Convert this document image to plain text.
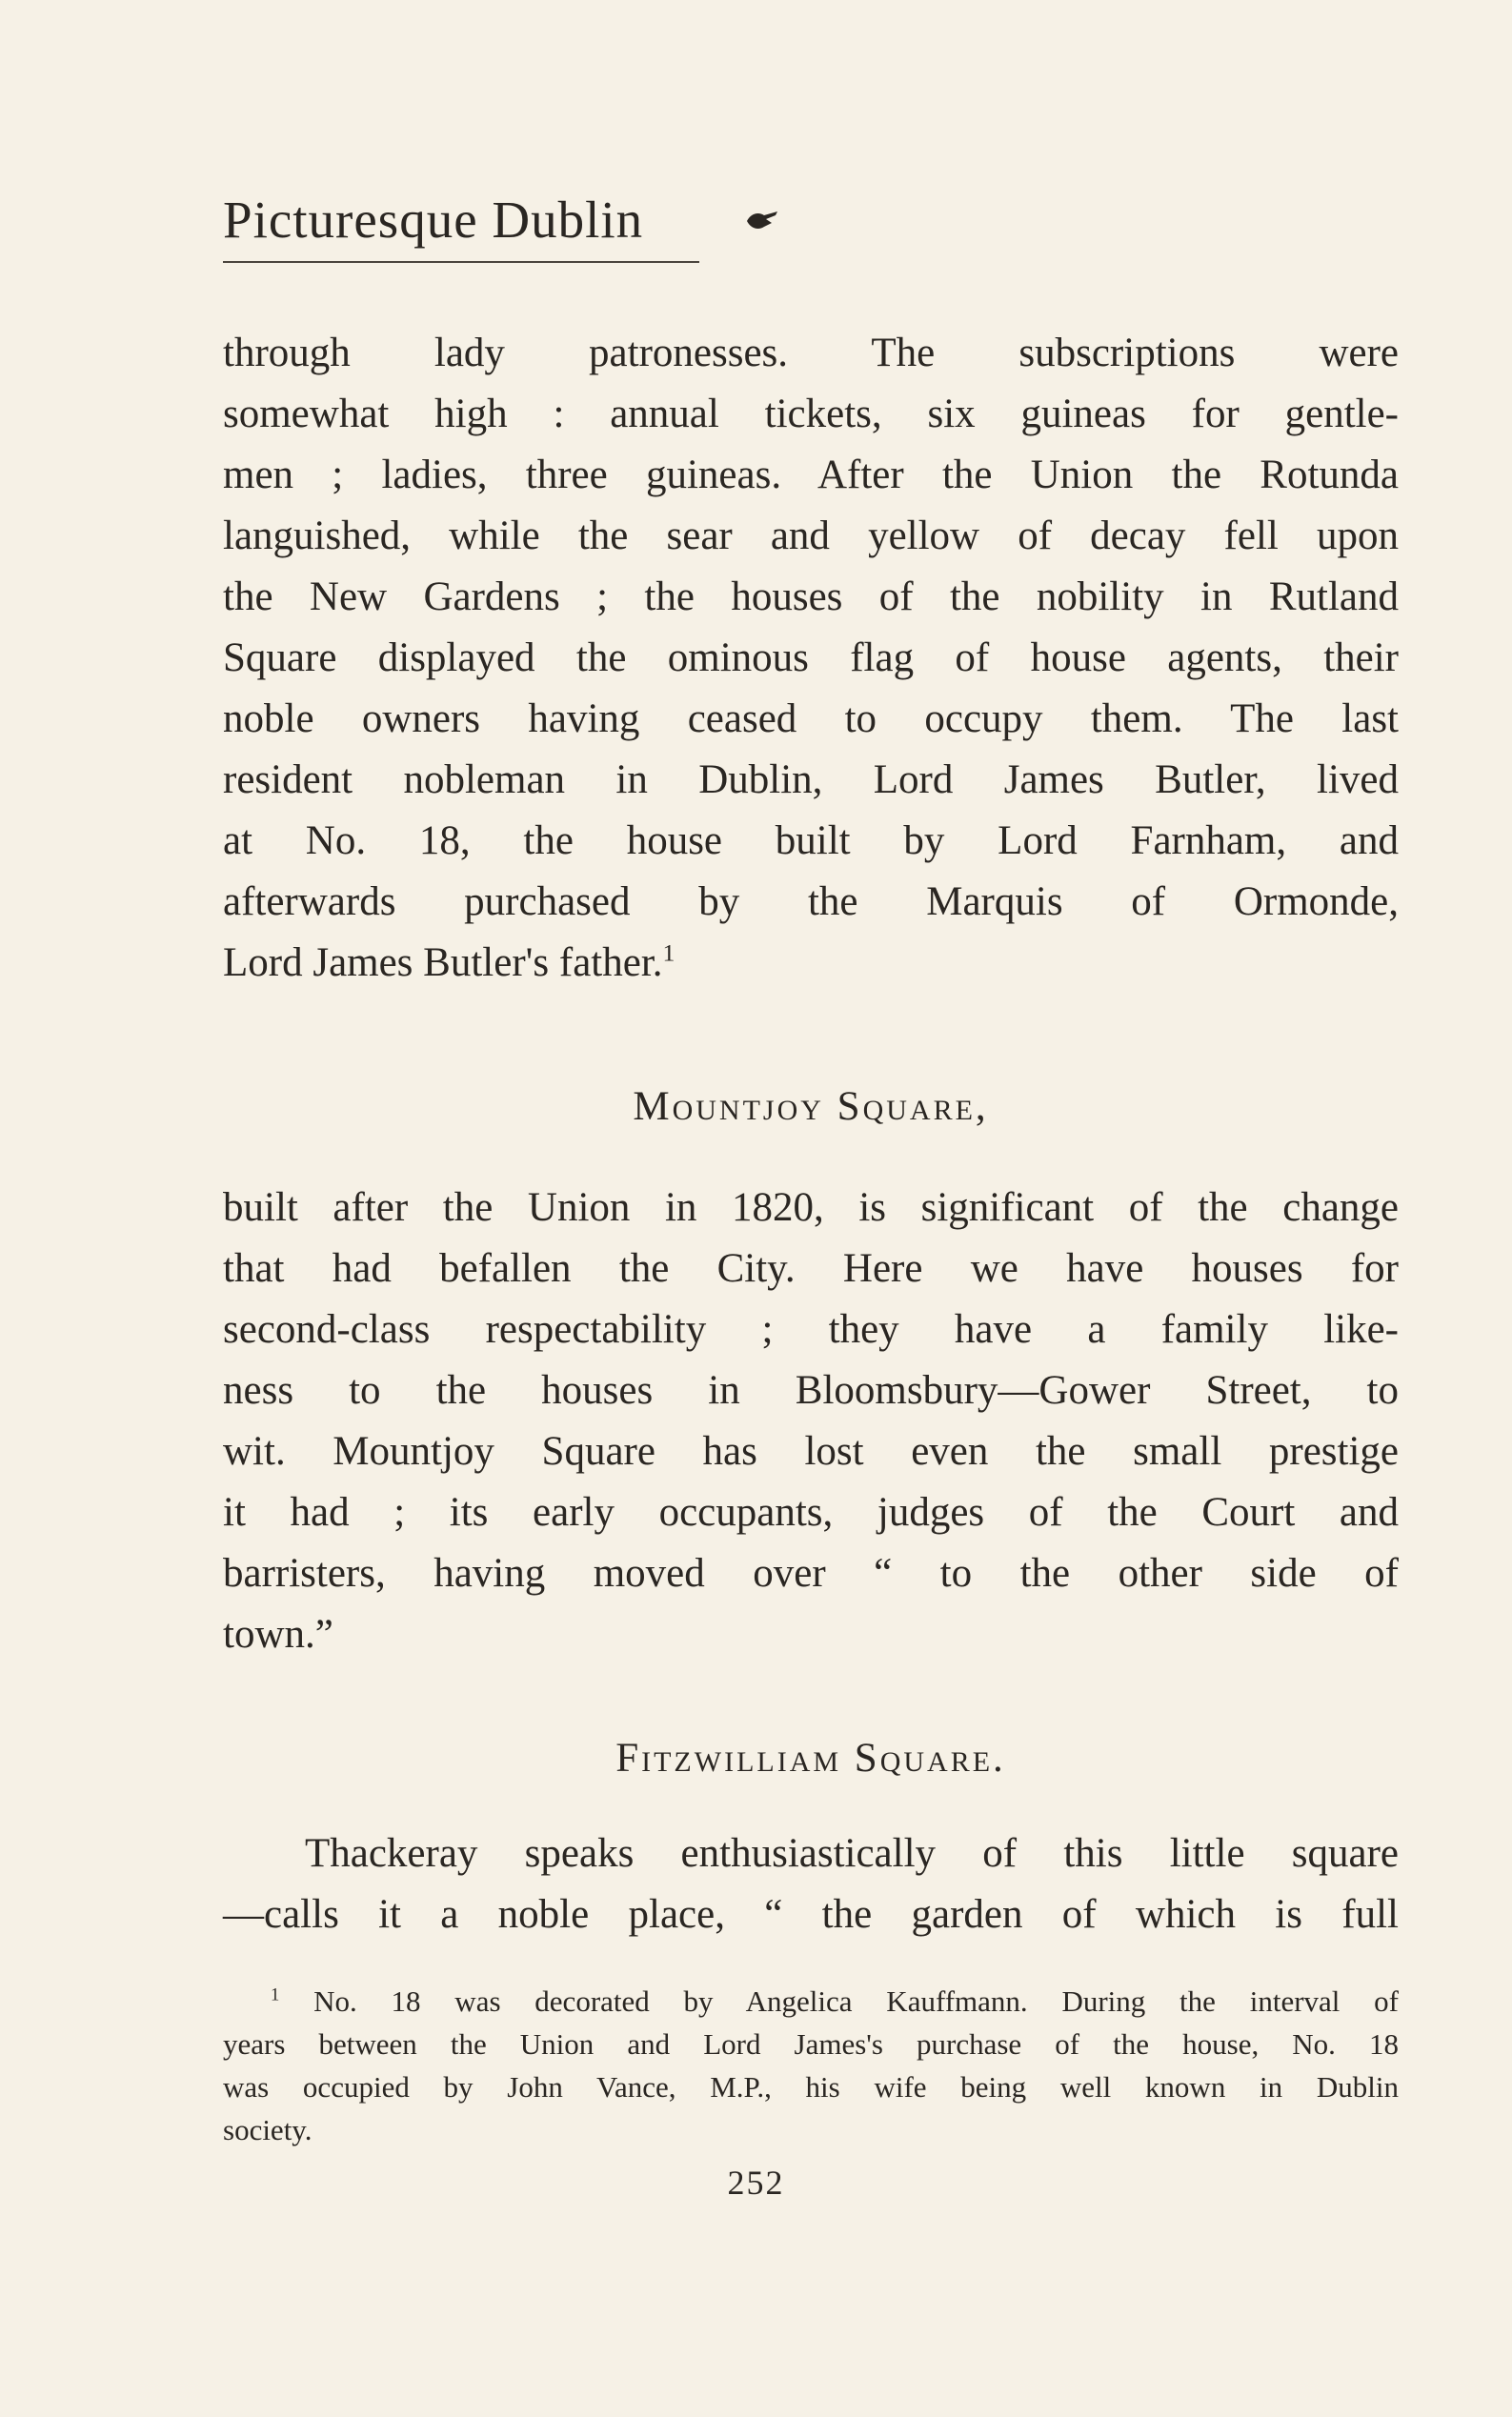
Picturesque Dublin
through lady patronesses. The subscriptions were
somewhat high : annual tickets, six guineas for gentle-
men ; ladies, three guineas. After the Union the Rotunda
languished, while the sear and yellow of decay fell upon
the New Gardens ; the houses of the nobility in Rutland
Square displayed the ominous flag of house agents, their
noble owners having ceased to occupy them. The last
resident nobleman in Dublin, Lord James Butler, lived
at No. 18, the house built by Lord Farnham, and
afterwards purchased by the Marquis of Ormonde,
Lord James Butler's father.$^1$
Mountjoy Square,
built after the Union in 1820, is significant of the change
that had befallen the City. Here we have houses for
second-class respectability ; they have a family like-
ness to the houses in Bloomsbury—Gower Street, to
wit. Mountjoy Square has lost even the small prestige
it had ; its early occupants, judges of the Court and
barristers, having moved over “ to the other side of
town.”
Fitzwilliam Square.
Thackeray speaks enthusiastically of this little square
—calls it a noble place, “ the garden of which is full
$^1$ No. 18 was decorated by Angelica Kauffmann. During the interval of
years between the Union and Lord James's purchase of the house, No. 18
was occupied by John Vance, M.P., his wife being well known in Dublin
society.
252
